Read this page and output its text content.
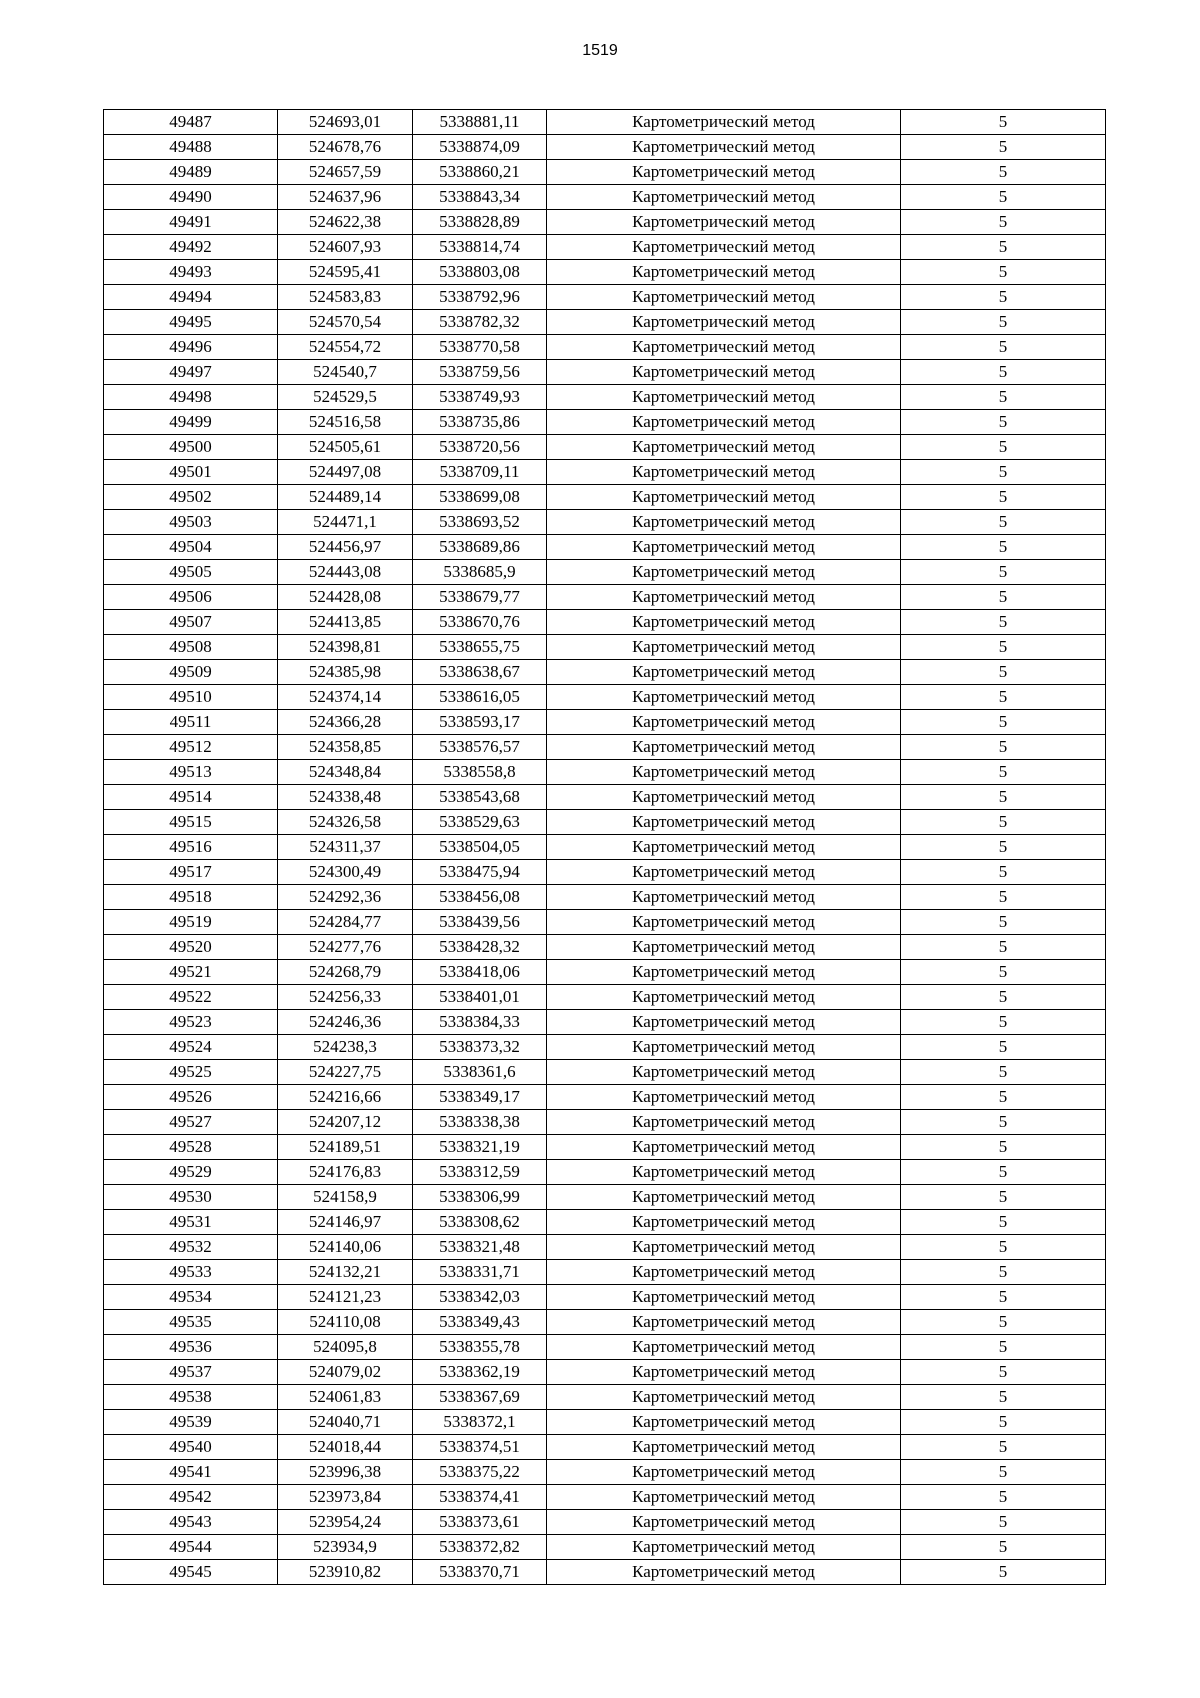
1519
49487	524693,01	5338881,11	Картометрический метод	5
49488	524678,76	5338874,09	Картометрический метод	5
49489	524657,59	5338860,21	Картометрический метод	5
49490	524637,96	5338843,34	Картометрический метод	5
49491	524622,38	5338828,89	Картометрический метод	5
49492	524607,93	5338814,74	Картометрический метод	5
49493	524595,41	5338803,08	Картометрический метод	5
49494	524583,83	5338792,96	Картометрический метод	5
49495	524570,54	5338782,32	Картометрический метод	5
49496	524554,72	5338770,58	Картометрический метод	5
49497	524540,7	5338759,56	Картометрический метод	5
49498	524529,5	5338749,93	Картометрический метод	5
49499	524516,58	5338735,86	Картометрический метод	5
49500	524505,61	5338720,56	Картометрический метод	5
49501	524497,08	5338709,11	Картометрический метод	5
49502	524489,14	5338699,08	Картометрический метод	5
49503	524471,1	5338693,52	Картометрический метод	5
49504	524456,97	5338689,86	Картометрический метод	5
49505	524443,08	5338685,9	Картометрический метод	5
49506	524428,08	5338679,77	Картометрический метод	5
49507	524413,85	5338670,76	Картометрический метод	5
49508	524398,81	5338655,75	Картометрический метод	5
49509	524385,98	5338638,67	Картометрический метод	5
49510	524374,14	5338616,05	Картометрический метод	5
49511	524366,28	5338593,17	Картометрический метод	5
49512	524358,85	5338576,57	Картометрический метод	5
49513	524348,84	5338558,8	Картометрический метод	5
49514	524338,48	5338543,68	Картометрический метод	5
49515	524326,58	5338529,63	Картометрический метод	5
49516	524311,37	5338504,05	Картометрический метод	5
49517	524300,49	5338475,94	Картометрический метод	5
49518	524292,36	5338456,08	Картометрический метод	5
49519	524284,77	5338439,56	Картометрический метод	5
49520	524277,76	5338428,32	Картометрический метод	5
49521	524268,79	5338418,06	Картометрический метод	5
49522	524256,33	5338401,01	Картометрический метод	5
49523	524246,36	5338384,33	Картометрический метод	5
49524	524238,3	5338373,32	Картометрический метод	5
49525	524227,75	5338361,6	Картометрический метод	5
49526	524216,66	5338349,17	Картометрический метод	5
49527	524207,12	5338338,38	Картометрический метод	5
49528	524189,51	5338321,19	Картометрический метод	5
49529	524176,83	5338312,59	Картометрический метод	5
49530	524158,9	5338306,99	Картометрический метод	5
49531	524146,97	5338308,62	Картометрический метод	5
49532	524140,06	5338321,48	Картометрический метод	5
49533	524132,21	5338331,71	Картометрический метод	5
49534	524121,23	5338342,03	Картометрический метод	5
49535	524110,08	5338349,43	Картометрический метод	5
49536	524095,8	5338355,78	Картометрический метод	5
49537	524079,02	5338362,19	Картометрический метод	5
49538	524061,83	5338367,69	Картометрический метод	5
49539	524040,71	5338372,1	Картометрический метод	5
49540	524018,44	5338374,51	Картометрический метод	5
49541	523996,38	5338375,22	Картометрический метод	5
49542	523973,84	5338374,41	Картометрический метод	5
49543	523954,24	5338373,61	Картометрический метод	5
49544	523934,9	5338372,82	Картометрический метод	5
49545	523910,82	5338370,71	Картометрический метод	5
